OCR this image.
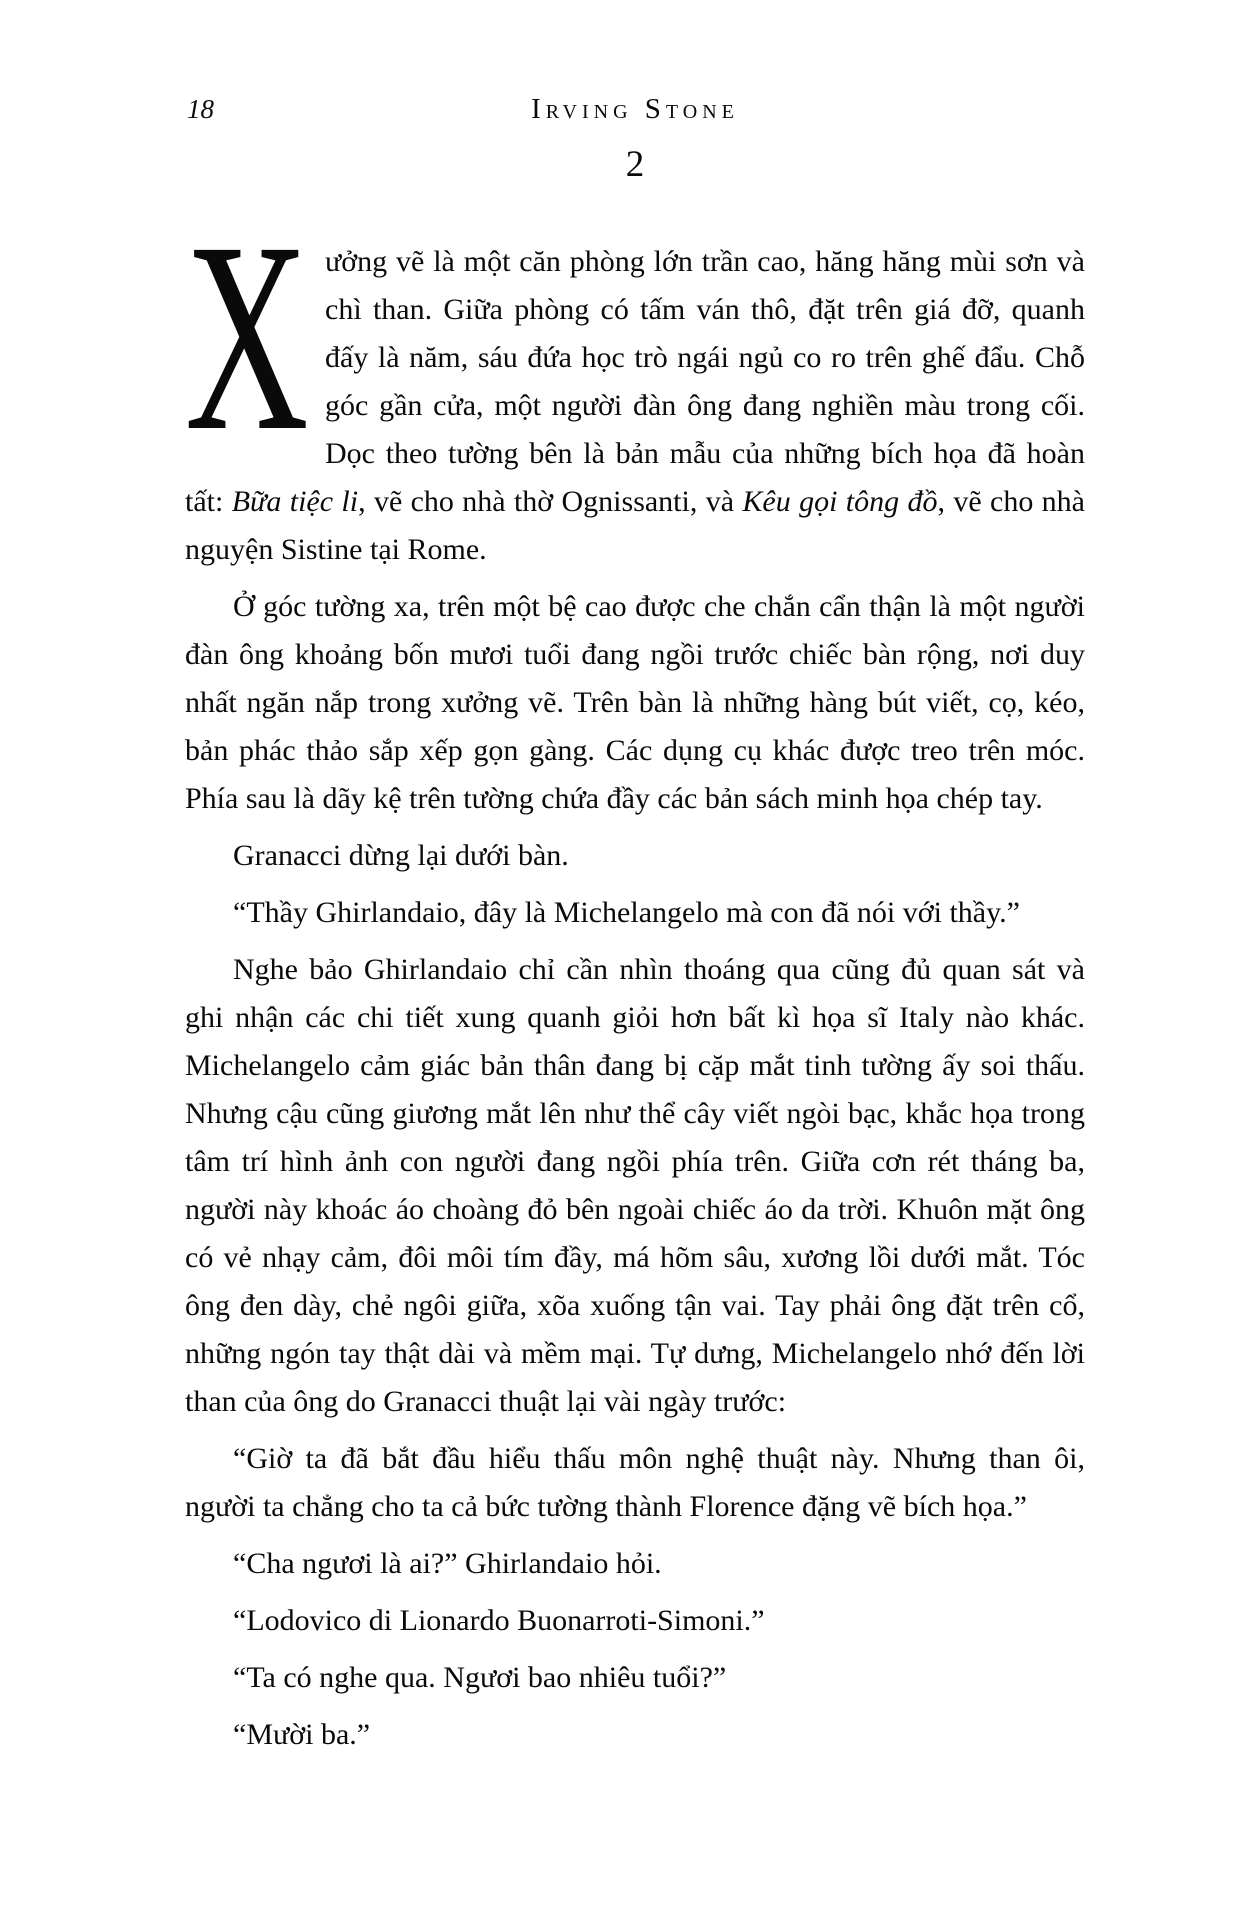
18	Irving Stone
2

X ưởng vẽ là một căn phòng lớn trần cao, hăng hăng mùi sơn và chì than. Giữa phòng có tấm ván thô, đặt trên giá đỡ, quanh đấy là năm, sáu đứa học trò ngái ngủ co ro trên ghế đẩu. Chỗ góc gần cửa, một người đàn ông đang nghiền màu trong cối. Dọc theo tường bên là bản mẫu của những bích họa đã hoàn tất: Bữa tiệc li, vẽ cho nhà thờ Ognissanti, và Kêu gọi tông đồ, vẽ cho nhà nguyện Sistine tại Rome.

Ở góc tường xa, trên một bệ cao được che chắn cẩn thận là một người đàn ông khoảng bốn mươi tuổi đang ngồi trước chiếc bàn rộng, nơi duy nhất ngăn nắp trong xưởng vẽ. Trên bàn là những hàng bút viết, cọ, kéo, bản phác thảo sắp xếp gọn gàng. Các dụng cụ khác được treo trên móc. Phía sau là dãy kệ trên tường chứa đầy các bản sách minh họa chép tay.

Granacci dừng lại dưới bàn.

“Thầy Ghirlandaio, đây là Michelangelo mà con đã nói với thầy.”

Nghe bảo Ghirlandaio chỉ cần nhìn thoáng qua cũng đủ quan sát và ghi nhận các chi tiết xung quanh giỏi hơn bất kì họa sĩ Italy nào khác. Michelangelo cảm giác bản thân đang bị cặp mắt tinh tường ấy soi thấu. Nhưng cậu cũng giương mắt lên như thể cây viết ngòi bạc, khắc họa trong tâm trí hình ảnh con người đang ngồi phía trên. Giữa cơn rét tháng ba, người này khoác áo choàng đỏ bên ngoài chiếc áo da trời. Khuôn mặt ông có vẻ nhạy cảm, đôi môi tím đầy, má hõm sâu, xương lồi dưới mắt. Tóc ông đen dày, chẻ ngôi giữa, xõa xuống tận vai. Tay phải ông đặt trên cổ, những ngón tay thật dài và mềm mại. Tự dưng, Michelangelo nhớ đến lời than của ông do Granacci thuật lại vài ngày trước:

“Giờ ta đã bắt đầu hiểu thấu môn nghệ thuật này. Nhưng than ôi, người ta chẳng cho ta cả bức tường thành Florence đặng vẽ bích họa.”

“Cha ngươi là ai?” Ghirlandaio hỏi.

“Lodovico di Lionardo Buonarroti-Simoni.”

“Ta có nghe qua. Ngươi bao nhiêu tuổi?”

“Mười ba.”
